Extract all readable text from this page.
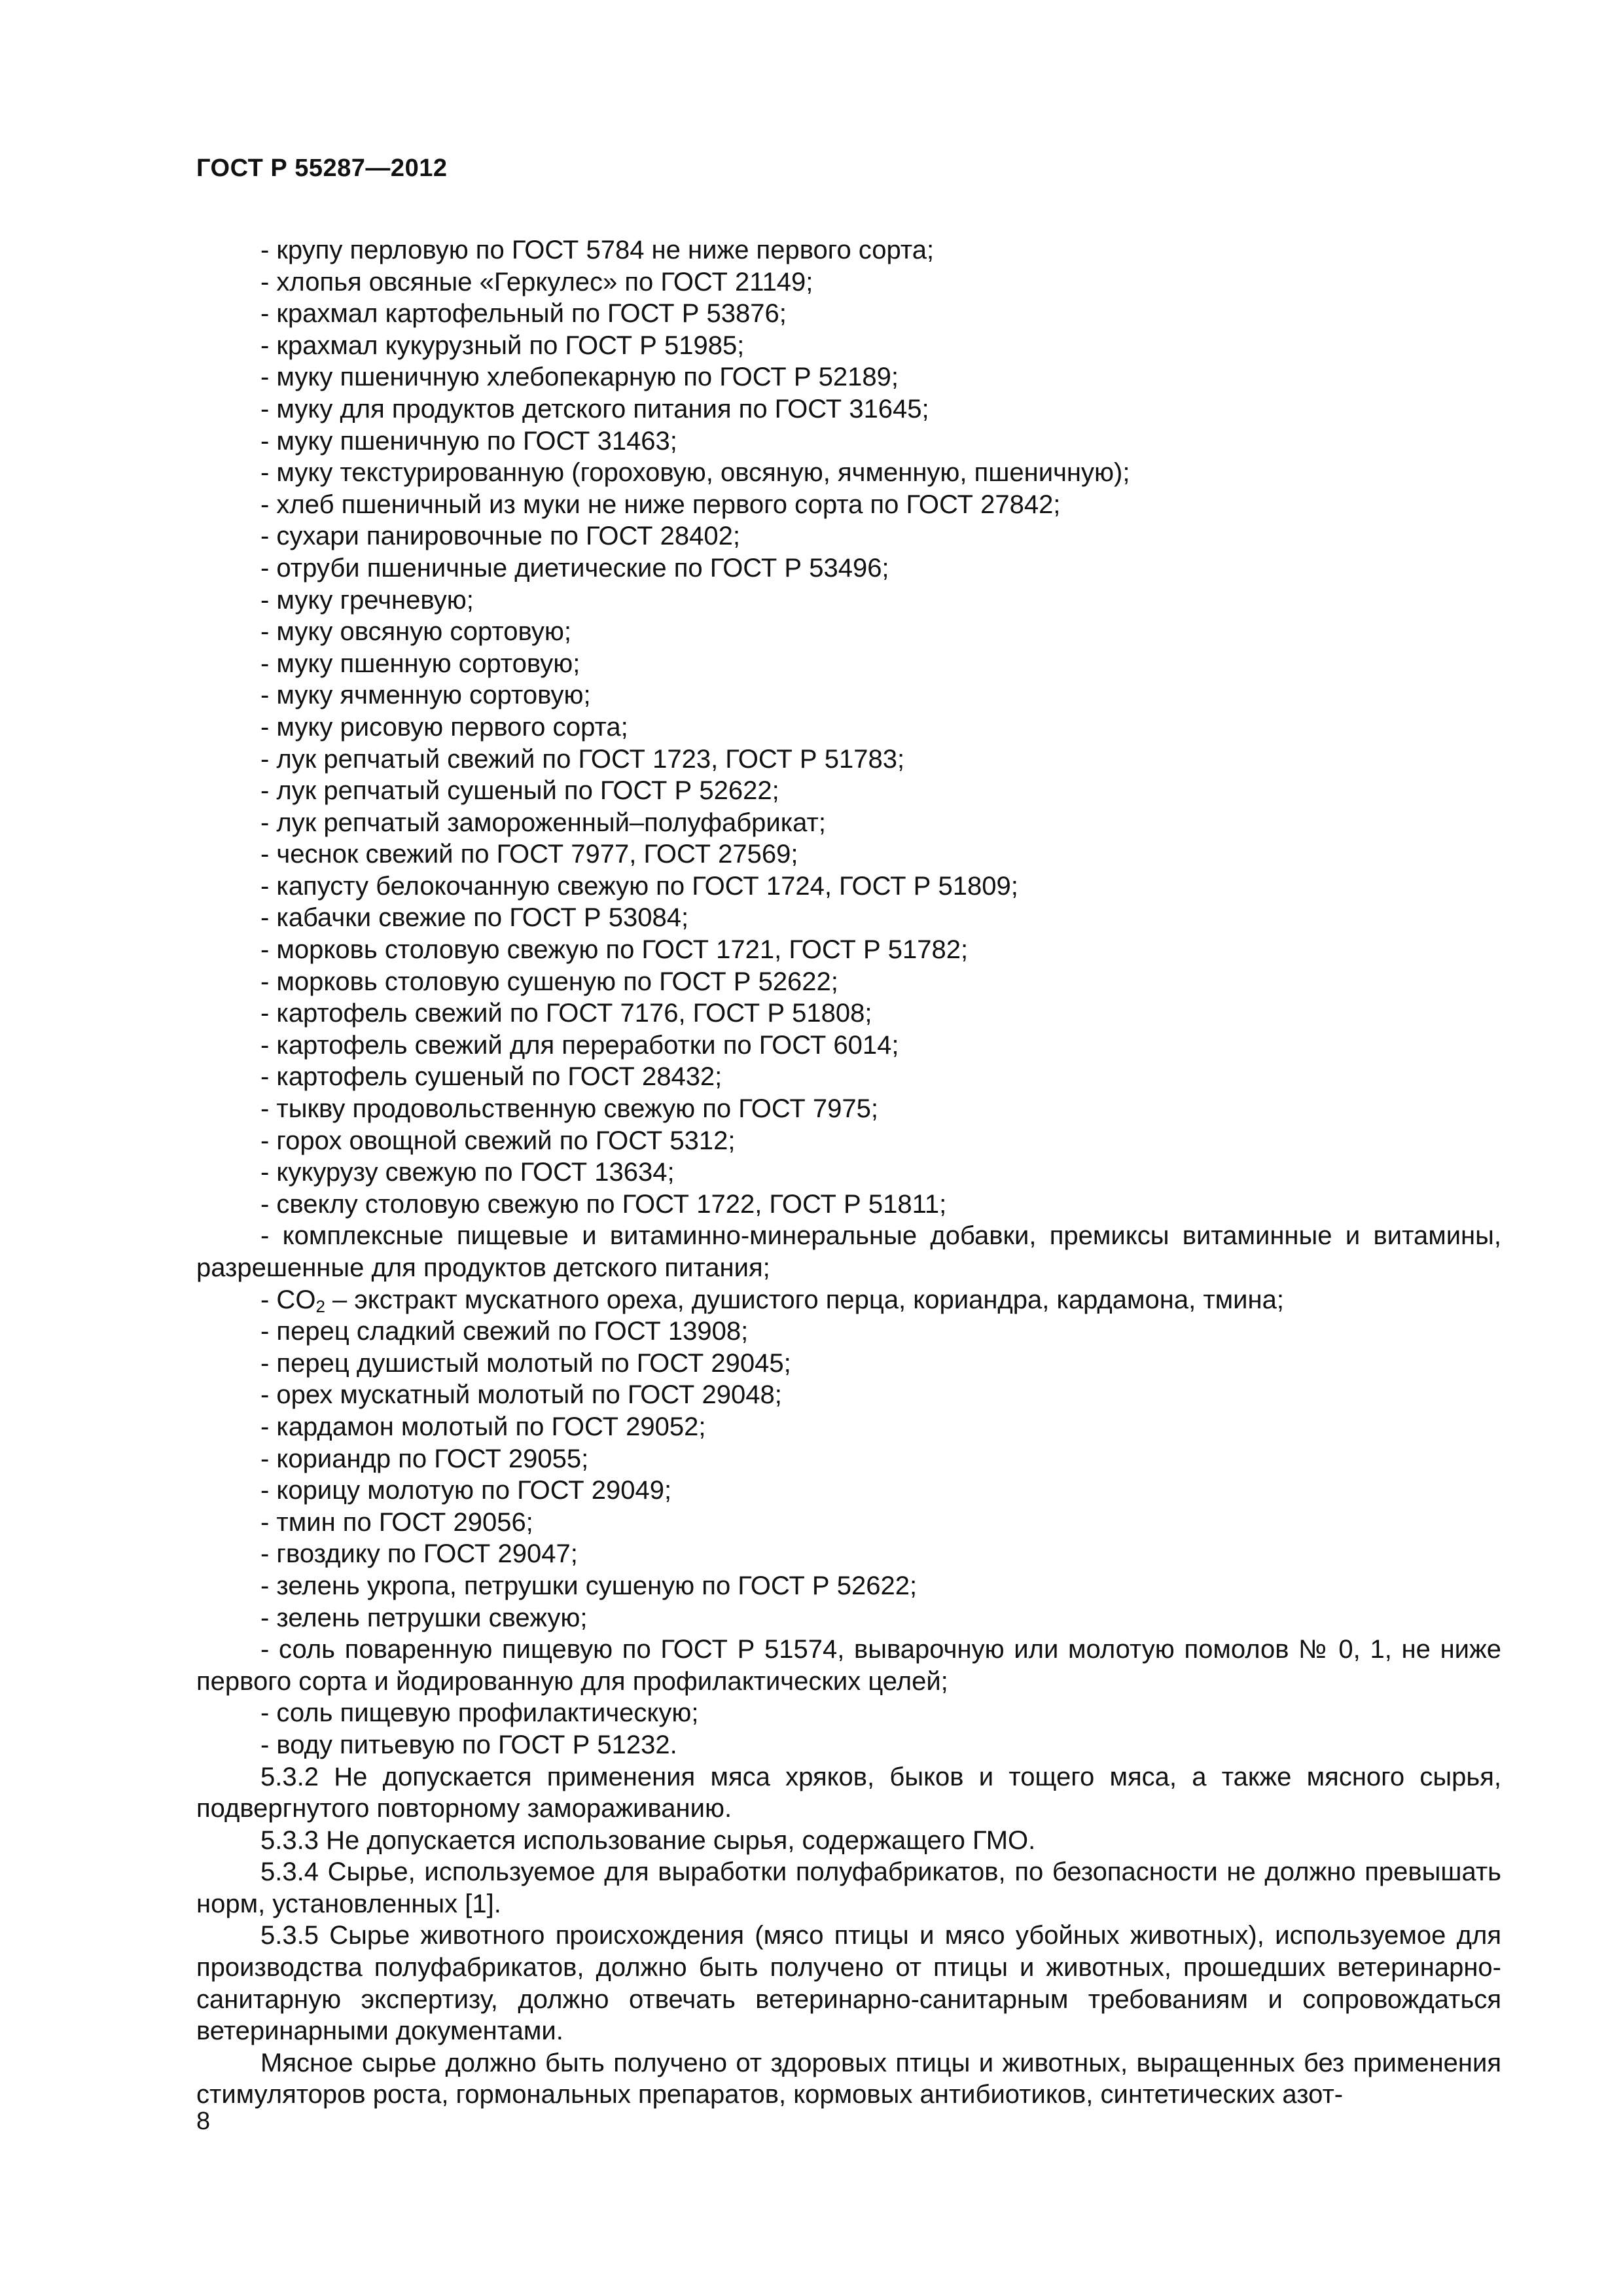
ГОСТ Р 55287—2012
- крупу перловую по ГОСТ 5784 не ниже первого сорта;
- хлопья овсяные «Геркулес» по ГОСТ 21149;
- крахмал картофельный по ГОСТ Р 53876;
- крахмал кукурузный по ГОСТ Р 51985;
- муку пшеничную хлебопекарную по ГОСТ Р 52189;
- муку для продуктов детского питания по ГОСТ 31645;
- муку пшеничную по ГОСТ 31463;
- муку текстурированную (гороховую, овсяную, ячменную, пшеничную);
- хлеб пшеничный из муки не ниже первого сорта по ГОСТ 27842;
- сухари панировочные по ГОСТ 28402;
- отруби пшеничные диетические по ГОСТ Р 53496;
- муку гречневую;
- муку овсяную сортовую;
- муку пшенную сортовую;
- муку ячменную сортовую;
- муку рисовую первого сорта;
- лук репчатый свежий по ГОСТ 1723, ГОСТ Р 51783;
- лук репчатый сушеный по ГОСТ Р 52622;
- лук репчатый замороженный–полуфабрикат;
- чеснок свежий по ГОСТ 7977, ГОСТ 27569;
- капусту белокочанную свежую по ГОСТ 1724, ГОСТ Р 51809;
- кабачки свежие по ГОСТ Р 53084;
- морковь столовую свежую по ГОСТ 1721, ГОСТ Р 51782;
- морковь столовую сушеную по ГОСТ Р 52622;
- картофель свежий по ГОСТ 7176, ГОСТ Р 51808;
- картофель свежий для переработки по ГОСТ 6014;
- картофель сушеный по ГОСТ 28432;
- тыкву продовольственную свежую по ГОСТ 7975;
- горох овощной свежий по ГОСТ 5312;
- кукурузу свежую по ГОСТ 13634;
- свеклу столовую свежую по ГОСТ 1722, ГОСТ Р 51811;
- комплексные пищевые и витаминно-минеральные добавки, премиксы витаминные и витамины, разрешенные для продуктов детского питания;
- $CO_2$ – экстракт мускатного ореха, душистого перца, кориандра, кардамона, тмина;
- перец сладкий свежий по ГОСТ 13908;
- перец душистый молотый по ГОСТ 29045;
- орех мускатный молотый по ГОСТ 29048;
- кардамон молотый по ГОСТ 29052;
- кориандр по ГОСТ 29055;
- корицу молотую по ГОСТ 29049;
- тмин по ГОСТ 29056;
- гвоздику по ГОСТ 29047;
- зелень укропа, петрушки сушеную по ГОСТ Р 52622;
- зелень петрушки свежую;
- соль поваренную пищевую по ГОСТ Р 51574, выварочную или молотую помолов № 0, 1, не ниже первого сорта и йодированную для профилактических целей;
- соль пищевую профилактическую;
- воду питьевую по ГОСТ Р 51232.
5.3.2 Не допускается применения мяса хряков, быков и тощего мяса, а также мясного сырья, подвергнутого повторному замораживанию.
5.3.3 Не допускается использование сырья, содержащего ГМО.
5.3.4 Сырье, используемое для выработки полуфабрикатов, по безопасности не должно превышать норм, установленных [1].
5.3.5 Сырье животного происхождения (мясо птицы и мясо убойных животных), используемое для производства полуфабрикатов, должно быть получено от птицы и животных, прошедших ветеринарно-санитарную экспертизу, должно отвечать ветеринарно-санитарным требованиям и сопровождаться ветеринарными документами.
Мясное сырье должно быть получено от здоровых птицы и животных, выращенных без применения стимуляторов роста, гормональных препаратов, кормовых антибиотиков, синтетических азот-
8
